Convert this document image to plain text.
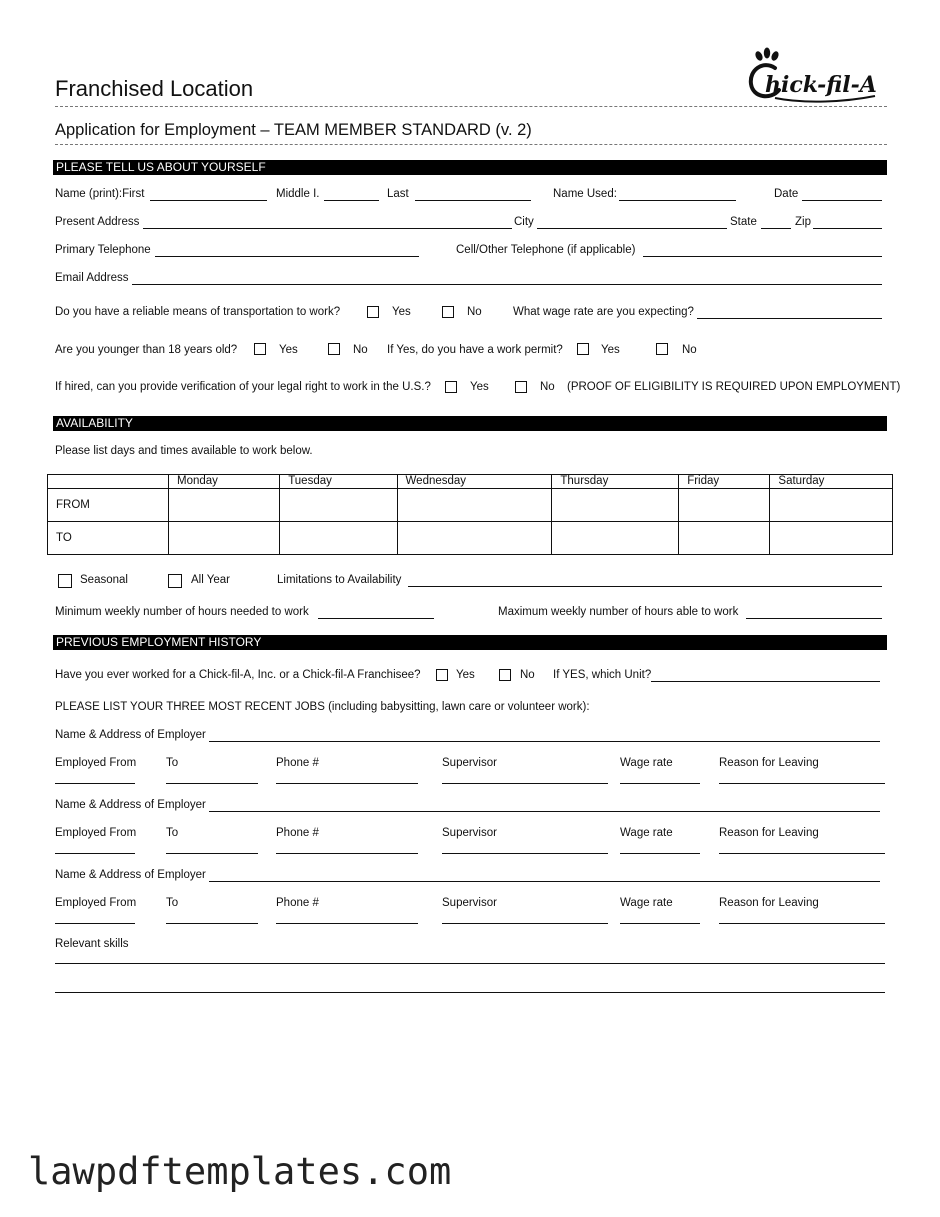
Franchised Location	hick-fil-A
Application for Employment – TEAM MEMBER STANDARD (v. 2)
PLEASE TELL US ABOUT YOURSELF
Name (print):First	Middle I.	Last	Name Used:	Date
Present Address	City	State	Zip
Primary Telephone	Cell/Other Telephone (if applicable)
Email Address
Do you have a reliable means of transportation to work?	Yes	No	What wage rate are you expecting?
Are you younger than 18 years old?	Yes	No If Yes, do you have a work permit?	Yes	No
If hired, can you provide verification of your legal right to work in the U.S.?	Yes	No (PROOF OF ELIGIBILITY IS REQUIRED UPON EMPLOYMENT)
AVAILABILITY
Please list days and times available to work below.
	Monday	Tuesday	Wednesday	Thursday	Friday	Saturday
FROM						
TO						
Seasonal	All Year	Limitations to Availability
Minimum weekly number of hours needed to work	Maximum weekly number of hours able to work
PREVIOUS EMPLOYMENT HISTORY
Have you ever worked for a Chick-fil-A, Inc. or a Chick-fil-A Franchisee?	Yes	No If YES, which Unit?
PLEASE LIST YOUR THREE MOST RECENT JOBS (including babysitting, lawn care or volunteer work):
Name & Address of Employer
Employed From	To	Phone #	Supervisor	Wage rate	Reason for Leaving
Name & Address of Employer
Employed From	To	Phone #	Supervisor	Wage rate	Reason for Leaving
Name & Address of Employer
Employed From	To	Phone #	Supervisor	Wage rate	Reason for Leaving
Relevant skills
lawpdftemplates.com
